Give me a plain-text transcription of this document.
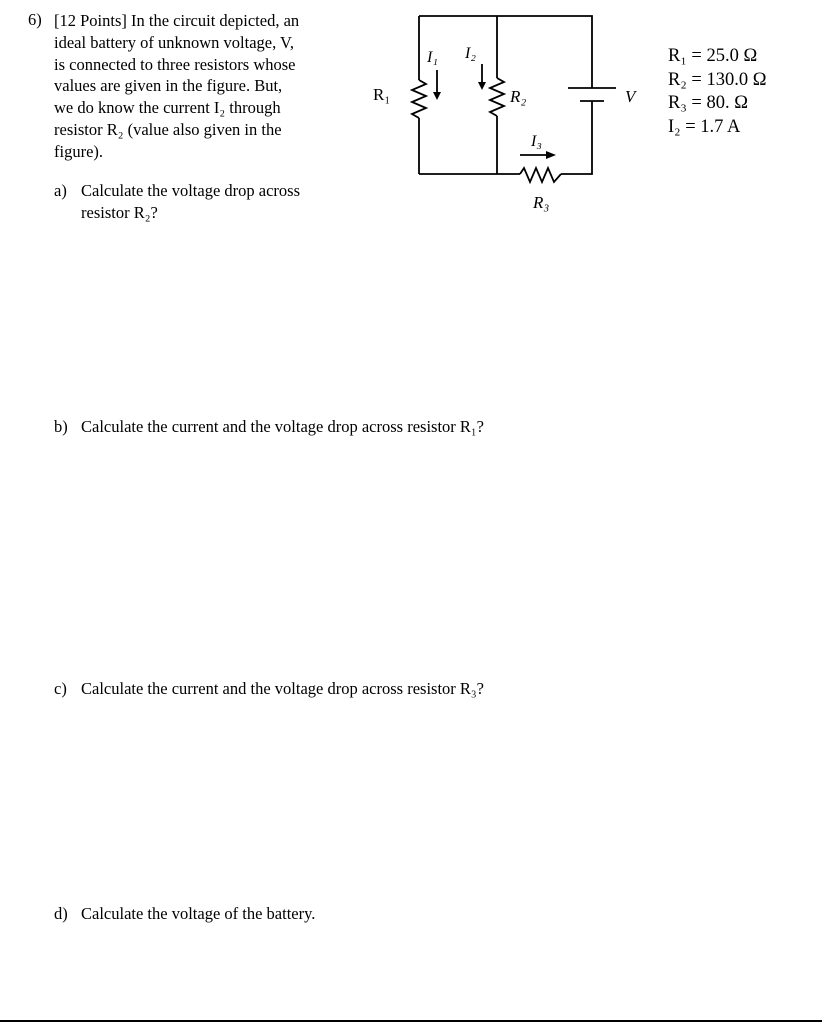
6) [12 Points] In the circuit depicted, an
ideal battery of unknown voltage, V,
is connected to three resistors whose
values are given in the figure. But,
we do know the current I₂ through
resistor R₂ (value also given in the
figure).
R₁
I₁ I₂
R₂
I₃
R₃
V
R₁ = 25.0 Ω
R₂ = 130.0 Ω
R₃ = 80. Ω
I₂ = 1.7 A
a) Calculate the voltage drop across
resistor R₂?
b) Calculate the current and the voltage drop across resistor R₁?
c) Calculate the current and the voltage drop across resistor R₃?
d) Calculate the voltage of the battery.
